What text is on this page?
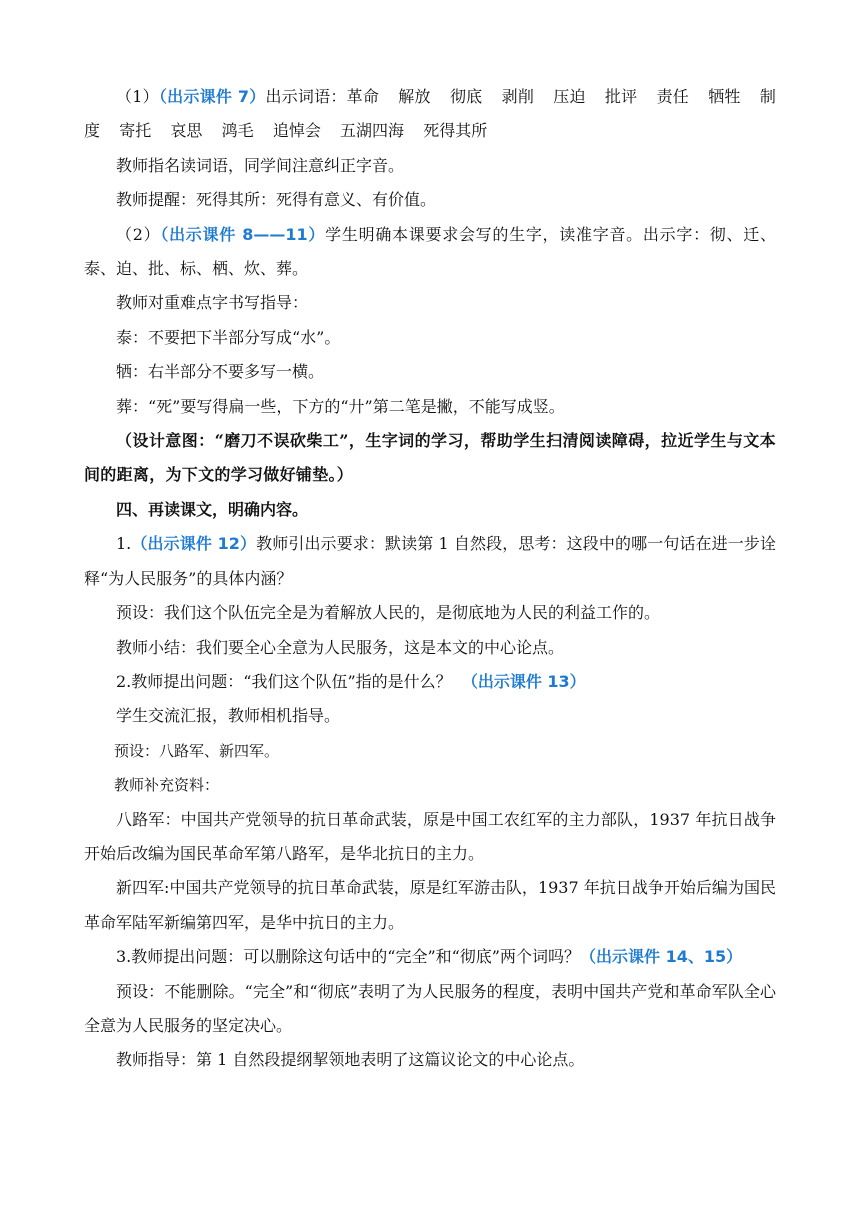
（1）（出示课件 7）出示词语：革命 解放 彻底 剥削 压迫 批评 责任 牺牲 制度 寄托 哀思 鸿毛 追悼会 五湖四海 死得其所

教师指名读词语，同学间注意纠正字音。

教师提醒：死得其所：死得有意义、有价值。

（2）（出示课件 8——11）学生明确本课要求会写的生字，读准字音。出示字：彻、迁、泰、迫、批、标、栖、炊、葬。

教师对重难点字书写指导：

泰：不要把下半部分写成“水”。

牺：右半部分不要多写一横。

葬：“死”要写得扁一些，下方的“廾”第二笔是撇，不能写成竖。

（设计意图：“磨刀不误砍柴工”，生字词的学习，帮助学生扫清阅读障碍，拉近学生与文本间的距离，为下文的学习做好铺垫。）

四、再读课文，明确内容。

1.（出示课件 12）教师引出示要求：默读第 1 自然段，思考：这段中的哪一句话在进一步诠释“为人民服务”的具体内涵？

预设：我们这个队伍完全是为着解放人民的，是彻底地为人民的利益工作的。

教师小结：我们要全心全意为人民服务，这是本文的中心论点。

2.教师提出问题：“我们这个队伍”指的是什么？ （出示课件 13）

学生交流汇报，教师相机指导。

预设：八路军、新四军。

教师补充资料：

八路军：中国共产党领导的抗日革命武装，原是中国工农红军的主力部队，1937 年抗日战争开始后改编为国民革命军第八路军，是华北抗日的主力。

新四军:中国共产党领导的抗日革命武装，原是红军游击队，1937 年抗日战争开始后编为国民革命军陆军新编第四军，是华中抗日的主力。

3.教师提出问题：可以删除这句话中的“完全”和“彻底”两个词吗？（出示课件 14、15）

预设：不能删除。“完全”和“彻底”表明了为人民服务的程度，表明中国共产党和革命军队全心全意为人民服务的坚定决心。

教师指导：第 1 自然段提纲挈领地表明了这篇议论文的中心论点。
